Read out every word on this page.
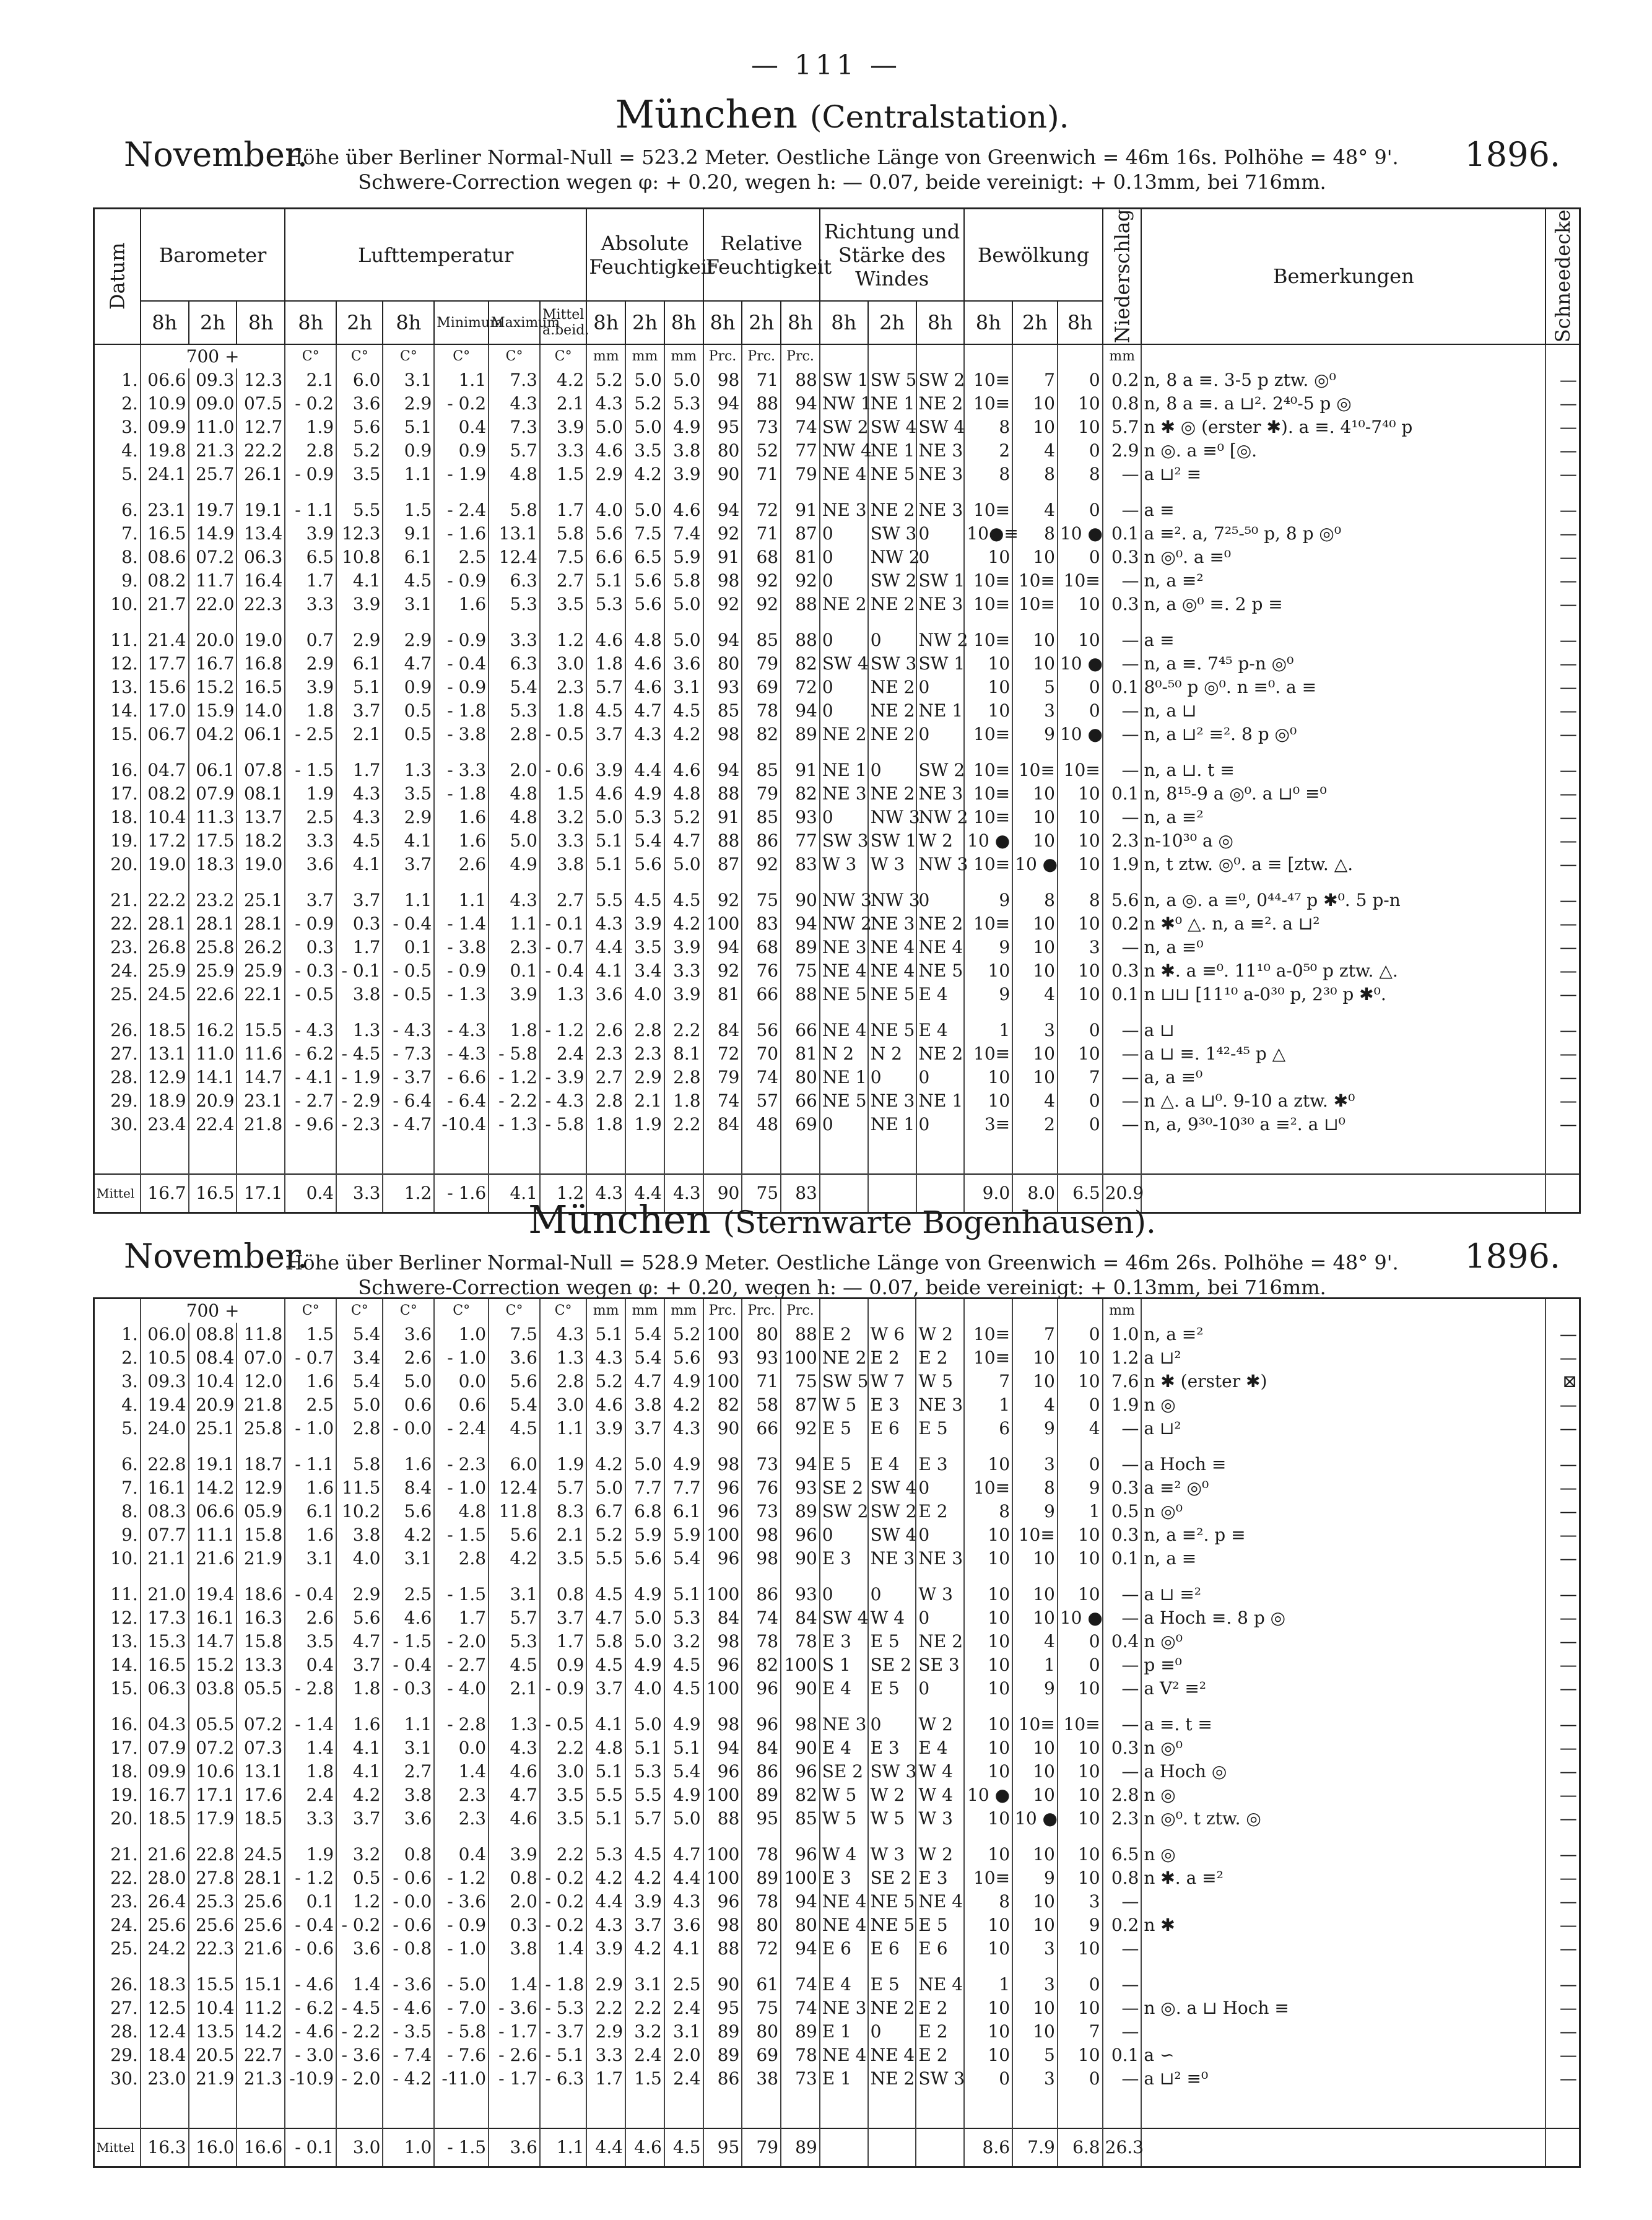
— 111 —
München (Centralstation).
November.	1896.
Höhe über Berliner Normal-Null = 523.2 Meter. Oestliche Länge von Greenwich = 46m 16s. Polhöhe = 48° 9'.
Schwere-Correction wegen φ: + 0.20, wegen h: — 0.07, beide vereinigt: + 0.13mm, bei 716mm.
Datum	Barometer			Lufttemperatur						Absolute Feuchtigkeit			Relative Feuchtigkeit			Richtung und Stärke des Windes			Bewölkung			Niederschlag	Bemerkungen	Schneedecke
	8h	2h	8h	8h	2h	8h	Minimum	Maximum	Mittel a.beid.	8h	2h	8h	8h	2h	8h	8h	2h	8h	8h	2h	8h			
	700 +			C°	C°	C°	C°	C°	C°	mm	mm	mm	Prc.	Prc.	Prc.							mm		
1.	06.6	09.3	12.3	2.1	6.0	3.1	1.1	7.3	4.2	5.2	5.0	5.0	98	71	88	SW 1	SW 5	SW 2	10≡	7	0	0.2	n, 8 a ≡. 3-5 p ztw. ◎⁰	—
2.	10.9	09.0	07.5	- 0.2	3.6	2.9	- 0.2	4.3	2.1	4.3	5.2	5.3	94	88	94	NW 1	NE 1	NE 2	10≡	10	10	0.8	n, 8 a ≡. a ⊔². 2⁴⁰-5 p ◎	—
3.	09.9	11.0	12.7	1.9	5.6	5.1	0.4	7.3	3.9	5.0	5.0	4.9	95	73	74	SW 2	SW 4	SW 4	8	10	10	5.7	n ✱ ◎ (erster ✱). a ≡. 4¹⁰-7⁴⁰ p	—
4.	19.8	21.3	22.2	2.8	5.2	0.9	0.9	5.7	3.3	4.6	3.5	3.8	80	52	77	NW 4	NE 1	NE 3	2	4	0	2.9	n ◎. a ≡⁰ [◎.	—
5.	24.1	25.7	26.1	- 0.9	3.5	1.1	- 1.9	4.8	1.5	2.9	4.2	3.9	90	71	79	NE 4	NE 5	NE 3	8	8	8	—	a ⊔² ≡	—

6.	23.1	19.7	19.1	- 1.1	5.5	1.5	- 2.4	5.8	1.7	4.0	5.0	4.6	94	72	91	NE 3	NE 2	NE 3	10≡	4	0	—	a ≡	—
7.	16.5	14.9	13.4	3.9	12.3	9.1	- 1.6	13.1	5.8	5.6	7.5	7.4	92	71	87	0	SW 3	0	10●≡	8	10 ●	0.1	a ≡². a, 7²⁵-⁵⁰ p, 8 p ◎⁰	—
8.	08.6	07.2	06.3	6.5	10.8	6.1	2.5	12.4	7.5	6.6	6.5	5.9	91	68	81	0	NW 2	0	10	10	0	0.3	n ◎⁰. a ≡⁰	—
9.	08.2	11.7	16.4	1.7	4.1	4.5	- 0.9	6.3	2.7	5.1	5.6	5.8	98	92	92	0	SW 2	SW 1	10≡	10≡	10≡	—	n, a ≡²	—
10.	21.7	22.0	22.3	3.3	3.9	3.1	1.6	5.3	3.5	5.3	5.6	5.0	92	92	88	NE 2	NE 2	NE 3	10≡	10≡	10	0.3	n, a ◎⁰ ≡. 2 p ≡	—

11.	21.4	20.0	19.0	0.7	2.9	2.9	- 0.9	3.3	1.2	4.6	4.8	5.0	94	85	88	0	0	NW 2	10≡	10	10	—	a ≡	—
12.	17.7	16.7	16.8	2.9	6.1	4.7	- 0.4	6.3	3.0	1.8	4.6	3.6	80	79	82	SW 4	SW 3	SW 1	10	10	10 ●	—	n, a ≡. 7⁴⁵ p-n ◎⁰	—
13.	15.6	15.2	16.5	3.9	5.1	0.9	- 0.9	5.4	2.3	5.7	4.6	3.1	93	69	72	0	NE 2	0	10	5	0	0.1	8⁰-⁵⁰ p ◎⁰. n ≡⁰. a ≡	—
14.	17.0	15.9	14.0	1.8	3.7	0.5	- 1.8	5.3	1.8	4.5	4.7	4.5	85	78	94	0	NE 2	NE 1	10	3	0	—	n, a ⊔	—
15.	06.7	04.2	06.1	- 2.5	2.1	0.5	- 3.8	2.8	- 0.5	3.7	4.3	4.2	98	82	89	NE 2	NE 2	0	10≡	9	10 ●	—	n, a ⊔² ≡². 8 p ◎⁰	—

16.	04.7	06.1	07.8	- 1.5	1.7	1.3	- 3.3	2.0	- 0.6	3.9	4.4	4.6	94	85	91	NE 1	0	SW 2	10≡	10≡	10≡	—	n, a ⊔. t ≡	—
17.	08.2	07.9	08.1	1.9	4.3	3.5	- 1.8	4.8	1.5	4.6	4.9	4.8	88	79	82	NE 3	NE 2	NE 3	10≡	10	10	0.1	n, 8¹⁵-9 a ◎⁰. a ⊔⁰ ≡⁰	—
18.	10.4	11.3	13.7	2.5	4.3	2.9	1.6	4.8	3.2	5.0	5.3	5.2	91	85	93	0	NW 3	NW 2	10≡	10	10	—	n, a ≡²	—
19.	17.2	17.5	18.2	3.3	4.5	4.1	1.6	5.0	3.3	5.1	5.4	4.7	88	86	77	SW 3	SW 1	W 2	10 ●	10	10	2.3	n-10³⁰ a ◎	—
20.	19.0	18.3	19.0	3.6	4.1	3.7	2.6	4.9	3.8	5.1	5.6	5.0	87	92	83	W 3	W 3	NW 3	10≡	10 ●	10	1.9	n, t ztw. ◎⁰. a ≡ [ztw. △.	—

21.	22.2	23.2	25.1	3.7	3.7	1.1	1.1	4.3	2.7	5.5	4.5	4.5	92	75	90	NW 3	NW 3	0	9	8	8	5.6	n, a ◎. a ≡⁰, 0⁴⁴-⁴⁷ p ✱⁰. 5 p-n	—
22.	28.1	28.1	28.1	- 0.9	0.3	- 0.4	- 1.4	1.1	- 0.1	4.3	3.9	4.2	100	83	94	NW 2	NE 3	NE 2	10≡	10	10	0.2	n ✱⁰ △. n, a ≡². a ⊔²	—
23.	26.8	25.8	26.2	0.3	1.7	0.1	- 3.8	2.3	- 0.7	4.4	3.5	3.9	94	68	89	NE 3	NE 4	NE 4	9	10	3	—	n, a ≡⁰	—
24.	25.9	25.9	25.9	- 0.3	- 0.1	- 0.5	- 0.9	0.1	- 0.4	4.1	3.4	3.3	92	76	75	NE 4	NE 4	NE 5	10	10	10	0.3	n ✱. a ≡⁰. 11¹⁰ a-0⁵⁰ p ztw. △.	—
25.	24.5	22.6	22.1	- 0.5	3.8	- 0.5	- 1.3	3.9	1.3	3.6	4.0	3.9	81	66	88	NE 5	NE 5	E 4	9	4	10	0.1	n ⊔⊔ [11¹⁰ a-0³⁰ p, 2³⁰ p ✱⁰.	—

26.	18.5	16.2	15.5	- 4.3	1.3	- 4.3	- 4.3	1.8	- 1.2	2.6	2.8	2.2	84	56	66	NE 4	NE 5	E 4	1	3	0	—	a ⊔	—
27.	13.1	11.0	11.6	- 6.2	- 4.5	- 7.3	- 4.3	- 5.8	2.4	2.3	2.3	8.1	72	70	81	N 2	N 2	NE 2	10≡	10	10	—	a ⊔ ≡. 1⁴²-⁴⁵ p △	—
28.	12.9	14.1	14.7	- 4.1	- 1.9	- 3.7	- 6.6	- 1.2	- 3.9	2.7	2.9	2.8	79	74	80	NE 1	0	0	10	10	7	—	a, a ≡⁰	—
29.	18.9	20.9	23.1	- 2.7	- 2.9	- 6.4	- 6.4	- 2.2	- 4.3	2.8	2.1	1.8	74	57	66	NE 5	NE 3	NE 1	10	4	0	—	n △. a ⊔⁰. 9-10 a ztw. ✱⁰	—
30.	23.4	22.4	21.8	- 9.6	- 2.3	- 4.7	-10.4	- 1.3	- 5.8	1.8	1.9	2.2	84	48	69	0	NE 1	0	3≡	2	0	—	n, a, 9³⁰-10³⁰ a ≡². a ⊔⁰	—

Mittel	16.7	16.5	17.1	0.4	3.3	1.2	- 1.6	4.1	1.2	4.3	4.4	4.3	90	75	83				9.0	8.0	6.5	20.9		
München (Sternwarte Bogenhausen).
November.	1896.
Höhe über Berliner Normal-Null = 528.9 Meter. Oestliche Länge von Greenwich = 46m 26s. Polhöhe = 48° 9'.
Schwere-Correction wegen φ: + 0.20, wegen h: — 0.07, beide vereinigt: + 0.13mm, bei 716mm.
	700 +			C°	C°	C°	C°	C°	C°	mm	mm	mm	Prc.	Prc.	Prc.							mm		
1.	06.0	08.8	11.8	1.5	5.4	3.6	1.0	7.5	4.3	5.1	5.4	5.2	100	80	88	E 2	W 6	W 2	10≡	7	0	1.0	n, a ≡²	—
2.	10.5	08.4	07.0	- 0.7	3.4	2.6	- 1.0	3.6	1.3	4.3	5.4	5.6	93	93	100	NE 2	E 2	E 2	10≡	10	10	1.2	a ⊔²	—
3.	09.3	10.4	12.0	1.6	5.4	5.0	0.0	5.6	2.8	5.2	4.7	4.9	100	71	75	SW 5	W 7	W 5	7	10	10	7.6	n ✱ (erster ✱)	⊠
4.	19.4	20.9	21.8	2.5	5.0	0.6	0.6	5.4	3.0	4.6	3.8	4.2	82	58	87	W 5	E 3	NE 3	1	4	0	1.9	n ◎	—
5.	24.0	25.1	25.8	- 1.0	2.8	- 0.0	- 2.4	4.5	1.1	3.9	3.7	4.3	90	66	92	E 5	E 6	E 5	6	9	4	—	a ⊔²	—

6.	22.8	19.1	18.7	- 1.1	5.8	1.6	- 2.3	6.0	1.9	4.2	5.0	4.9	98	73	94	E 5	E 4	E 3	10	3	0	—	a Hoch ≡	—
7.	16.1	14.2	12.9	1.6	11.5	8.4	- 1.0	12.4	5.7	5.0	7.7	7.7	96	76	93	SE 2	SW 4	0	10≡	8	9	0.3	a ≡² ◎⁰	—
8.	08.3	06.6	05.9	6.1	10.2	5.6	4.8	11.8	8.3	6.7	6.8	6.1	96	73	89	SW 2	SW 2	E 2	8	9	1	0.5	n ◎⁰	—
9.	07.7	11.1	15.8	1.6	3.8	4.2	- 1.5	5.6	2.1	5.2	5.9	5.9	100	98	96	0	SW 4	0	10	10≡	10	0.3	n, a ≡². p ≡	—
10.	21.1	21.6	21.9	3.1	4.0	3.1	2.8	4.2	3.5	5.5	5.6	5.4	96	98	90	E 3	NE 3	NE 3	10	10	10	0.1	n, a ≡	—

11.	21.0	19.4	18.6	- 0.4	2.9	2.5	- 1.5	3.1	0.8	4.5	4.9	5.1	100	86	93	0	0	W 3	10	10	10	—	a ⊔ ≡²	—
12.	17.3	16.1	16.3	2.6	5.6	4.6	1.7	5.7	3.7	4.7	5.0	5.3	84	74	84	SW 4	W 4	0	10	10	10 ●	—	a Hoch ≡. 8 p ◎	—
13.	15.3	14.7	15.8	3.5	4.7	- 1.5	- 2.0	5.3	1.7	5.8	5.0	3.2	98	78	78	E 3	E 5	NE 2	10	4	0	0.4	n ◎⁰	—
14.	16.5	15.2	13.3	0.4	3.7	- 0.4	- 2.7	4.5	0.9	4.5	4.9	4.5	96	82	100	S 1	SE 2	SE 3	10	1	0	—	p ≡⁰	—
15.	06.3	03.8	05.5	- 2.8	1.8	- 0.3	- 4.0	2.1	- 0.9	3.7	4.0	4.5	100	96	90	E 4	E 5	0	10	9	10	—	a V² ≡²	—

16.	04.3	05.5	07.2	- 1.4	1.6	1.1	- 2.8	1.3	- 0.5	4.1	5.0	4.9	98	96	98	NE 3	0	W 2	10	10≡	10≡	—	a ≡. t ≡	—
17.	07.9	07.2	07.3	1.4	4.1	3.1	0.0	4.3	2.2	4.8	5.1	5.1	94	84	90	E 4	E 3	E 4	10	10	10	0.3	n ◎⁰	—
18.	09.9	10.6	13.1	1.8	4.1	2.7	1.4	4.6	3.0	5.1	5.3	5.4	96	86	96	SE 2	SW 3	W 4	10	10	10	—	a Hoch ◎	—
19.	16.7	17.1	17.6	2.4	4.2	3.8	2.3	4.7	3.5	5.5	5.5	4.9	100	89	82	W 5	W 2	W 4	10 ●	10	10	2.8	n ◎	—
20.	18.5	17.9	18.5	3.3	3.7	3.6	2.3	4.6	3.5	5.1	5.7	5.0	88	95	85	W 5	W 5	W 3	10	10 ●	10	2.3	n ◎⁰. t ztw. ◎	—

21.	21.6	22.8	24.5	1.9	3.2	0.8	0.4	3.9	2.2	5.3	4.5	4.7	100	78	96	W 4	W 3	W 2	10	10	10	6.5	n ◎	—
22.	28.0	27.8	28.1	- 1.2	0.5	- 0.6	- 1.2	0.8	- 0.2	4.2	4.2	4.4	100	89	100	E 3	SE 2	E 3	10≡	9	10	0.8	n ✱. a ≡²	—
23.	26.4	25.3	25.6	0.1	1.2	- 0.0	- 3.6	2.0	- 0.2	4.4	3.9	4.3	96	78	94	NE 4	NE 5	NE 4	8	10	3	—		—
24.	25.6	25.6	25.6	- 0.4	- 0.2	- 0.6	- 0.9	0.3	- 0.2	4.3	3.7	3.6	98	80	80	NE 4	NE 5	E 5	10	10	9	0.2	n ✱	—
25.	24.2	22.3	21.6	- 0.6	3.6	- 0.8	- 1.0	3.8	1.4	3.9	4.2	4.1	88	72	94	E 6	E 6	E 6	10	3	10	—		—

26.	18.3	15.5	15.1	- 4.6	1.4	- 3.6	- 5.0	1.4	- 1.8	2.9	3.1	2.5	90	61	74	E 4	E 5	NE 4	1	3	0	—		—
27.	12.5	10.4	11.2	- 6.2	- 4.5	- 4.6	- 7.0	- 3.6	- 5.3	2.2	2.2	2.4	95	75	74	NE 3	NE 2	E 2	10	10	10	—	n ◎. a ⊔ Hoch ≡	—
28.	12.4	13.5	14.2	- 4.6	- 2.2	- 3.5	- 5.8	- 1.7	- 3.7	2.9	3.2	3.1	89	80	89	E 1	0	E 2	10	10	7	—		—
29.	18.4	20.5	22.7	- 3.0	- 3.6	- 7.4	- 7.6	- 2.6	- 5.1	3.3	2.4	2.0	89	69	78	NE 4	NE 4	E 2	10	5	10	0.1	a ∽	—
30.	23.0	21.9	21.3	-10.9	- 2.0	- 4.2	-11.0	- 1.7	- 6.3	1.7	1.5	2.4	86	38	73	E 1	NE 2	SW 3	0	3	0	—	a ⊔² ≡⁰	—

Mittel	16.3	16.0	16.6	- 0.1	3.0	1.0	- 1.5	3.6	1.1	4.4	4.6	4.5	95	79	89				8.6	7.9	6.8	26.3		
